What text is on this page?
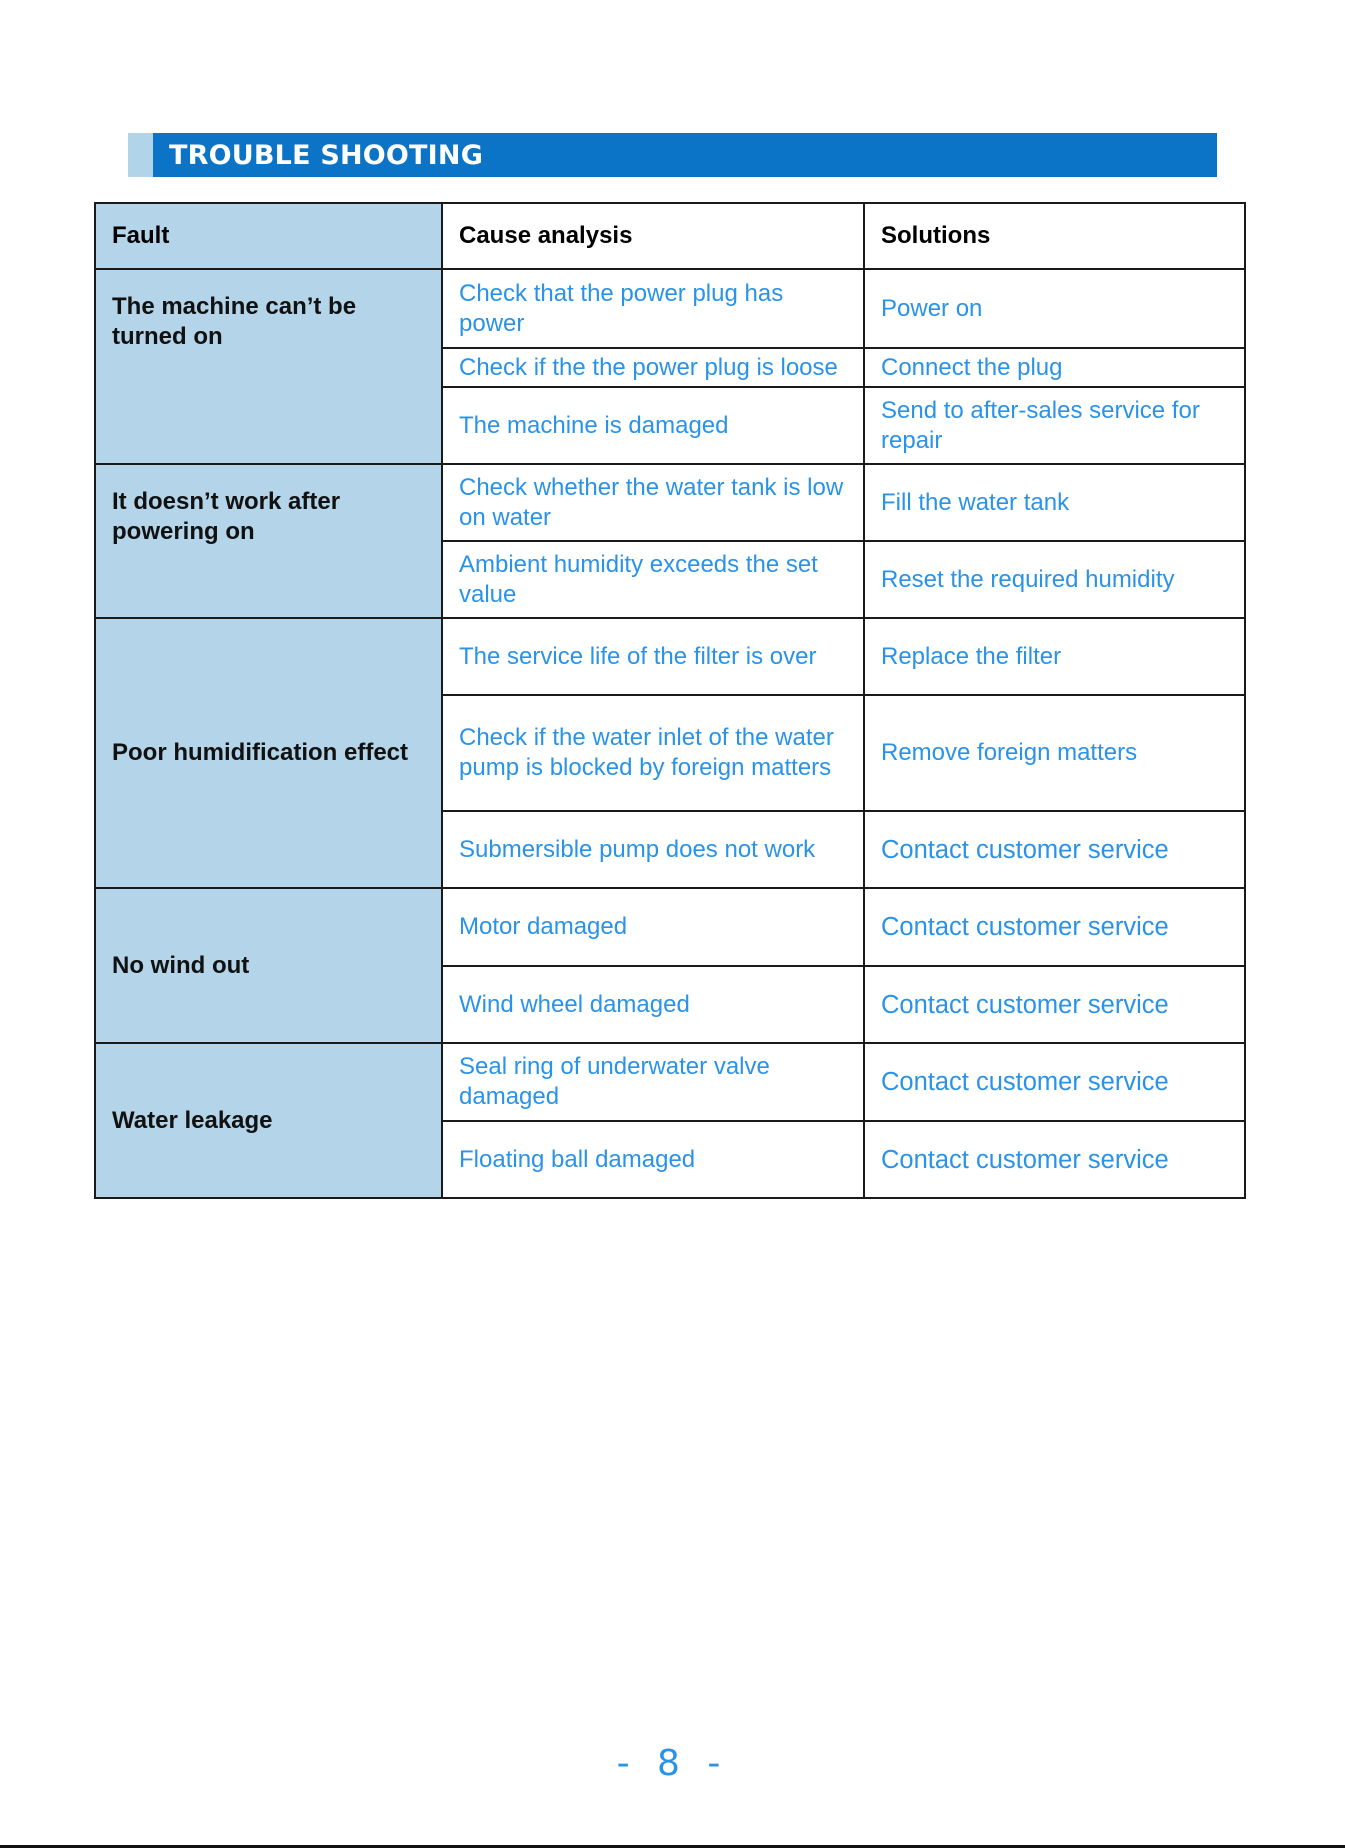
TROUBLE SHOOTING
Fault	Cause analysis	Solutions
The machine can’t be turned on	Check that the power plug has power	Power on
	Check if the the power plug is loose	Connect the plug
	The machine is damaged	Send to after-sales service for repair
It doesn’t work after powering on	Check whether the water tank is low on water	Fill the water tank
	Ambient humidity exceeds the set value	Reset the required humidity
Poor humidification effect	The service life of the filter is over	Replace the filter
	Check if the water inlet of the water pump is blocked by foreign matters	Remove foreign matters
	Submersible pump does not work	Contact customer service
No wind out	Motor damaged	Contact customer service
	Wind wheel damaged	Contact customer service
Water leakage	Seal ring of underwater valve damaged	Contact customer service
	Floating ball damaged	Contact customer service
- 8 -
